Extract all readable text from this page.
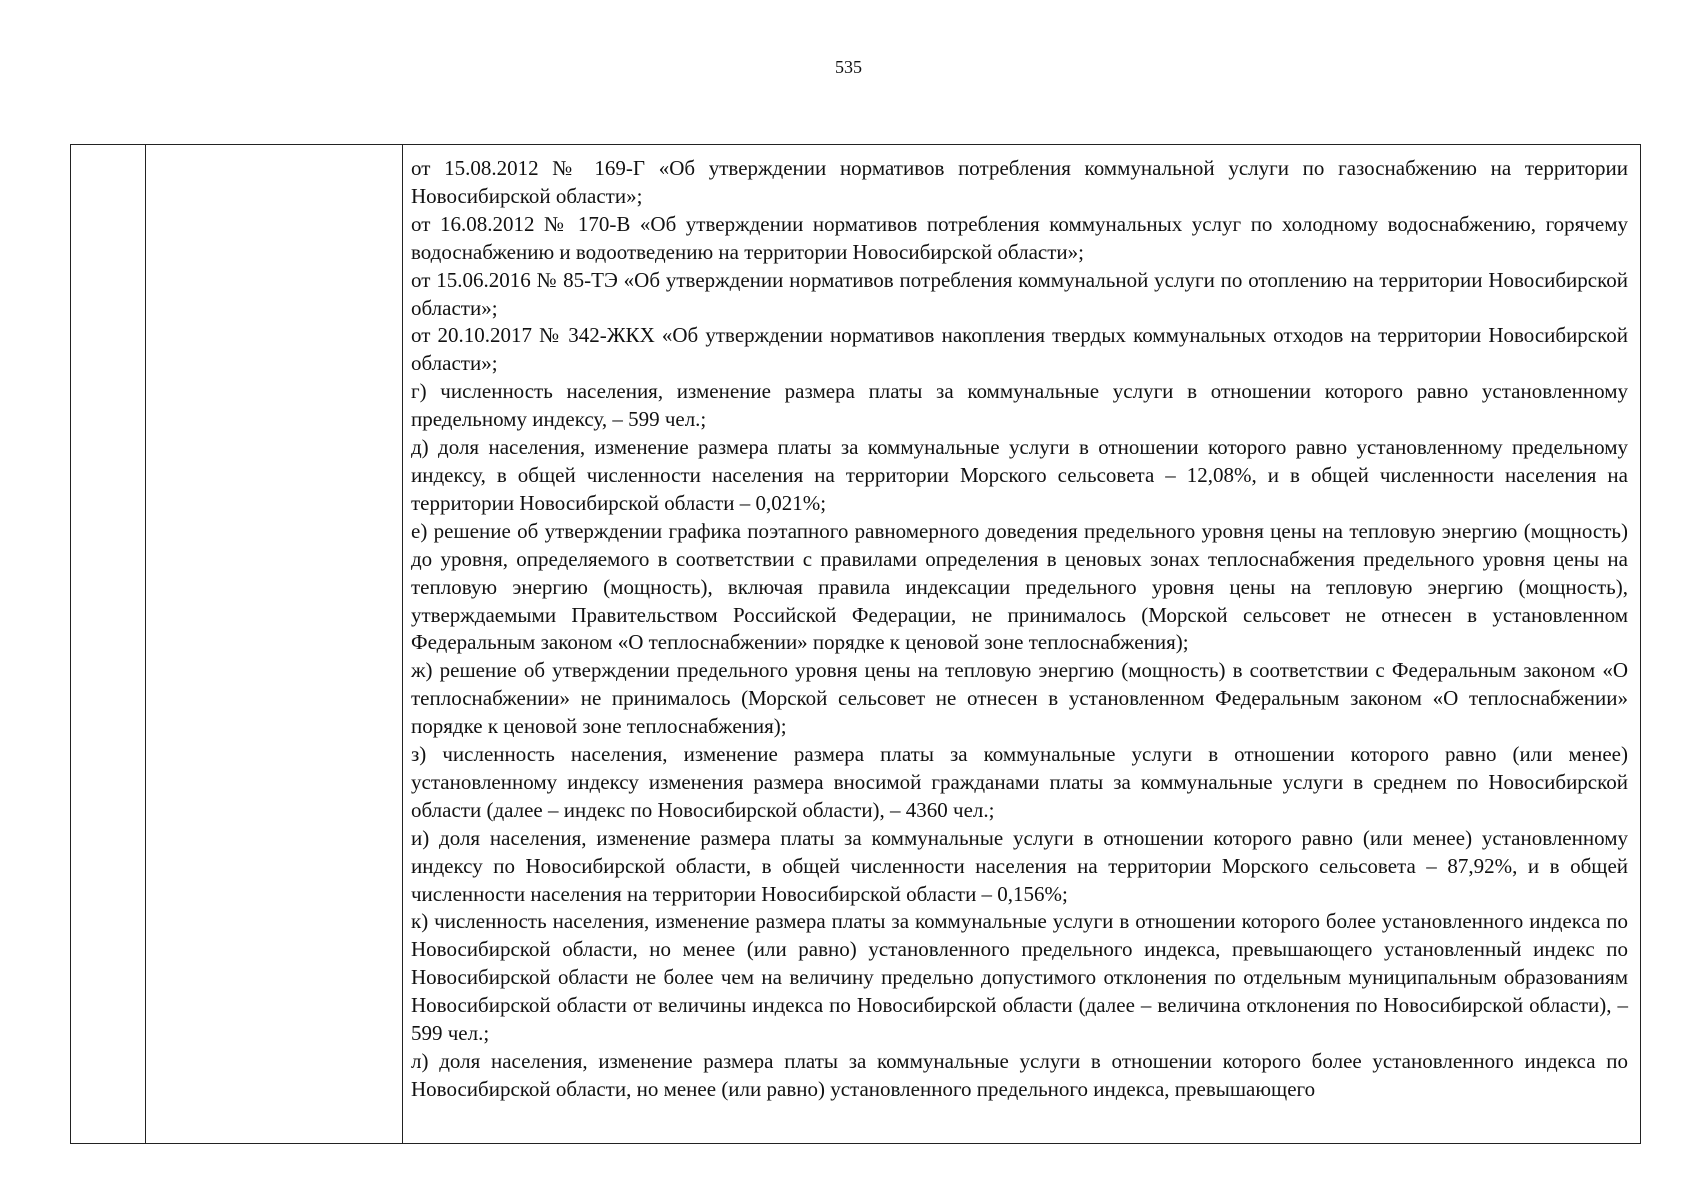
535

от 15.08.2012 № 169-Г «Об утверждении нормативов потребления коммунальной услуги по газоснабжению на территории Новосибирской области»;

от 16.08.2012 № 170-В «Об утверждении нормативов потребления коммунальных услуг по холодному водоснабжению, горячему водоснабжению и водоотведению на территории Новосибирской области»;

от 15.06.2016 № 85-ТЭ «Об утверждении нормативов потребления коммунальной услуги по отоплению на территории Новосибирской области»;

от 20.10.2017 № 342-ЖКХ «Об утверждении нормативов накопления твердых коммунальных отходов на территории Новосибирской области»;

г) численность населения, изменение размера платы за коммунальные услуги в отношении которого равно установленному предельному индексу, – 599 чел.;

д) доля населения, изменение размера платы за коммунальные услуги в отношении которого равно установленному предельному индексу, в общей численности населения на территории Морского сельсовета – 12,08%, и в общей численности населения на территории Новосибирской области – 0,021%;

е) решение об утверждении графика поэтапного равномерного доведения предельного уровня цены на тепловую энергию (мощность) до уровня, определяемого в соответствии с правилами определения в ценовых зонах теплоснабжения предельного уровня цены на тепловую энергию (мощность), включая правила индексации предельного уровня цены на тепловую энергию (мощность), утверждаемыми Правительством Российской Федерации, не принималось (Морской сельсовет не отнесен в установленном Федеральным законом «О теплоснабжении» порядке к ценовой зоне теплоснабжения);

ж) решение об утверждении предельного уровня цены на тепловую энергию (мощность) в соответствии с Федеральным законом «О теплоснабжении» не принималось (Морской сельсовет не отнесен в установленном Федеральным законом «О теплоснабжении» порядке к ценовой зоне теплоснабжения);

з) численность населения, изменение размера платы за коммунальные услуги в отношении которого равно (или менее) установленному индексу изменения размера вносимой гражданами платы за коммунальные услуги в среднем по Новосибирской области (далее – индекс по Новосибирской области), – 4360 чел.;

и) доля населения, изменение размера платы за коммунальные услуги в отношении которого равно (или менее) установленному индексу по Новосибирской области, в общей численности населения на территории Морского сельсовета – 87,92%, и в общей численности населения на территории Новосибирской области – 0,156%;

к) численность населения, изменение размера платы за коммунальные услуги в отношении которого более установленного индекса по Новосибирской области, но менее (или равно) установленного предельного индекса, превышающего установленный индекс по Новосибирской области не более чем на величину предельно допустимого отклонения по отдельным муниципальным образованиям Новосибирской области от величины индекса по Новосибирской области (далее – величина отклонения по Новосибирской области), – 599 чел.;

л) доля населения, изменение размера платы за коммунальные услуги в отношении которого более установленного индекса по Новосибирской области, но менее (или равно) установленного предельного индекса, превышающего
